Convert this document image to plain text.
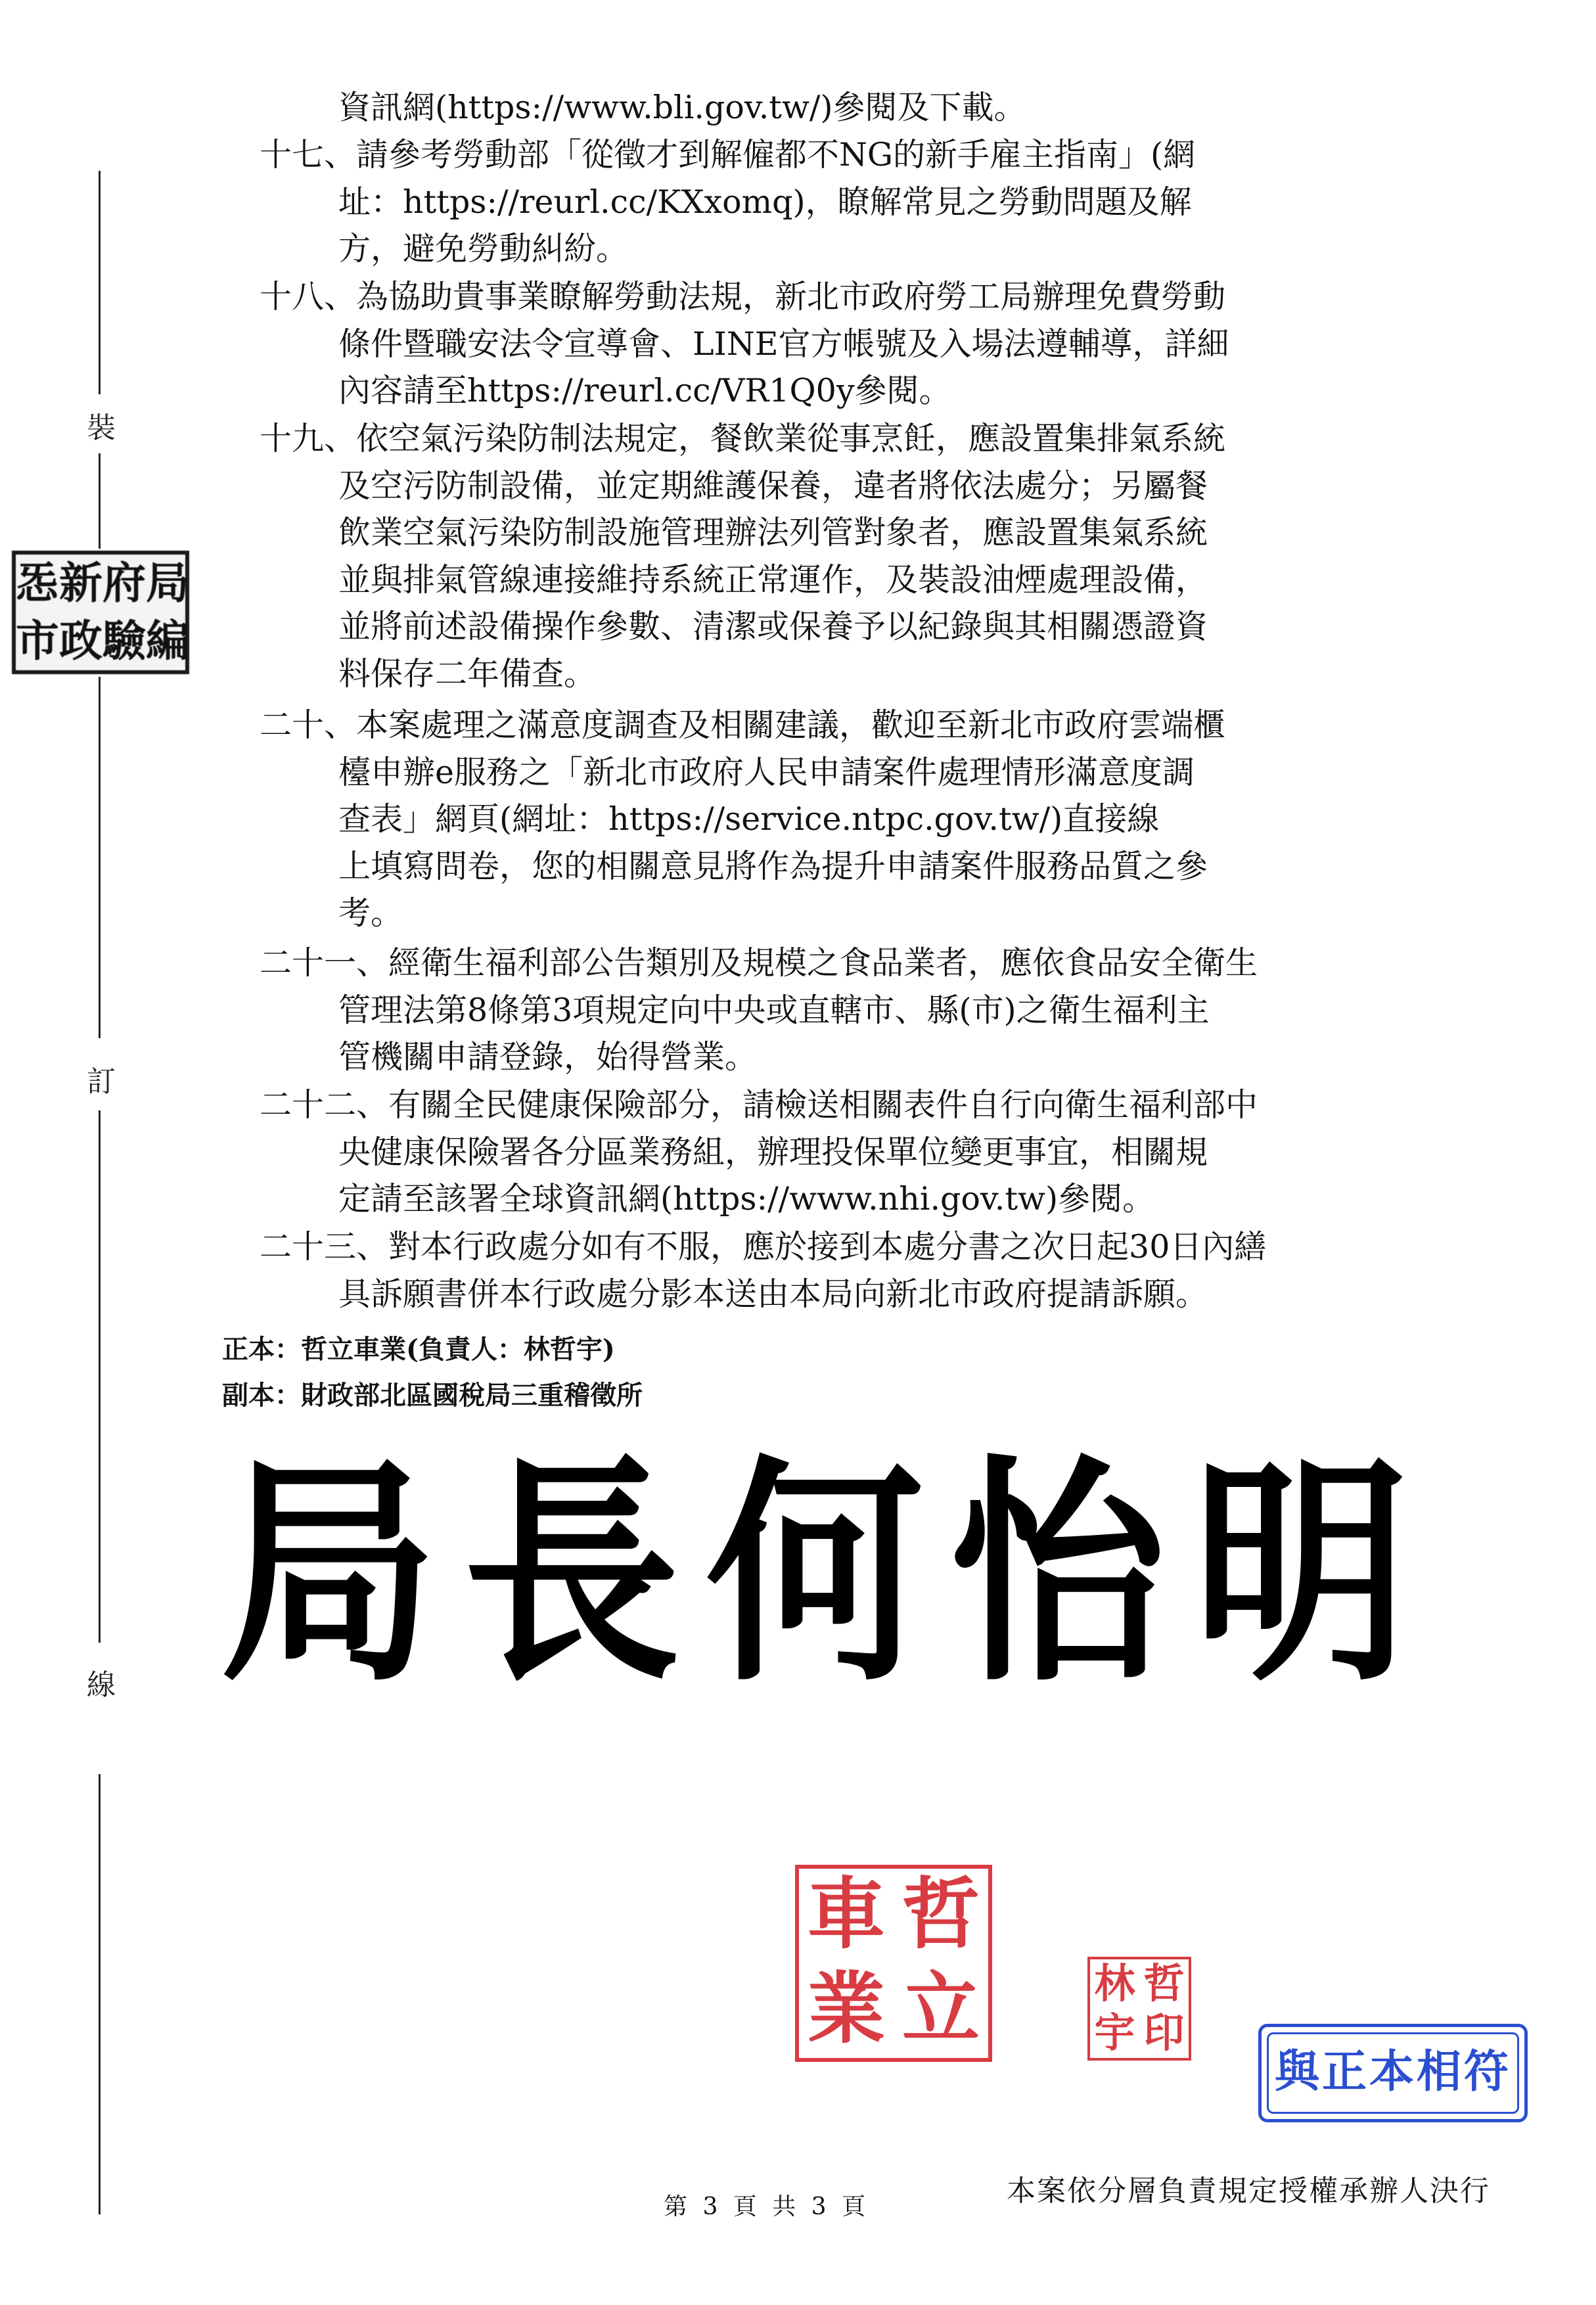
裝
訂
線
㤅 新 府 局
市 政 驗 編
資訊網(https://www.bli.gov.tw/)參閱及下載。
十七、請參考勞動部「從徵才到解僱都不NG的新手雇主指南」(網
址：https://reurl.cc/KXxomq)，瞭解常見之勞動問題及解
方，避免勞動糾紛。
十八、為協助貴事業瞭解勞動法規，新北市政府勞工局辦理免費勞動
條件暨職安法令宣導會、LINE官方帳號及入場法遵輔導，詳細
內容請至https://reurl.cc/VR1Q0y參閱。
十九、依空氣污染防制法規定，餐飲業從事烹飪，應設置集排氣系統
及空污防制設備，並定期維護保養，違者將依法處分；另屬餐
飲業空氣污染防制設施管理辦法列管對象者，應設置集氣系統
並與排氣管線連接維持系統正常運作，及裝設油煙處理設備，
並將前述設備操作參數、清潔或保養予以紀錄與其相關憑證資
料保存二年備查。
二十、本案處理之滿意度調查及相關建議，歡迎至新北市政府雲端櫃
檯申辦e服務之「新北市政府人民申請案件處理情形滿意度調
查表」網頁(網址：https://service.ntpc.gov.tw/)直接線
上填寫問卷，您的相關意見將作為提升申請案件服務品質之參
考。
二十一、經衛生福利部公告類別及規模之食品業者，應依食品安全衛生
管理法第8條第3項規定向中央或直轄市、縣(市)之衛生福利主
管機關申請登錄，始得營業。
二十二、有關全民健康保險部分，請檢送相關表件自行向衛生福利部中
央健康保險署各分區業務組，辦理投保單位變更事宜，相關規
定請至該署全球資訊網(https://www.nhi.gov.tw)參閱。
二十三、對本行政處分如有不服，應於接到本處分書之次日起30日內繕
具訴願書併本行政處分影本送由本局向新北市政府提請訴願。
正本：哲立車業(負責人：林哲宇)
副本：財政部北區國稅局三重稽徵所
局長何怡明
車 哲
業 立	林 哲
宇 印
與正本相符
本案依分層負責規定授權承辦人決行
第 3 頁 共 3 頁
